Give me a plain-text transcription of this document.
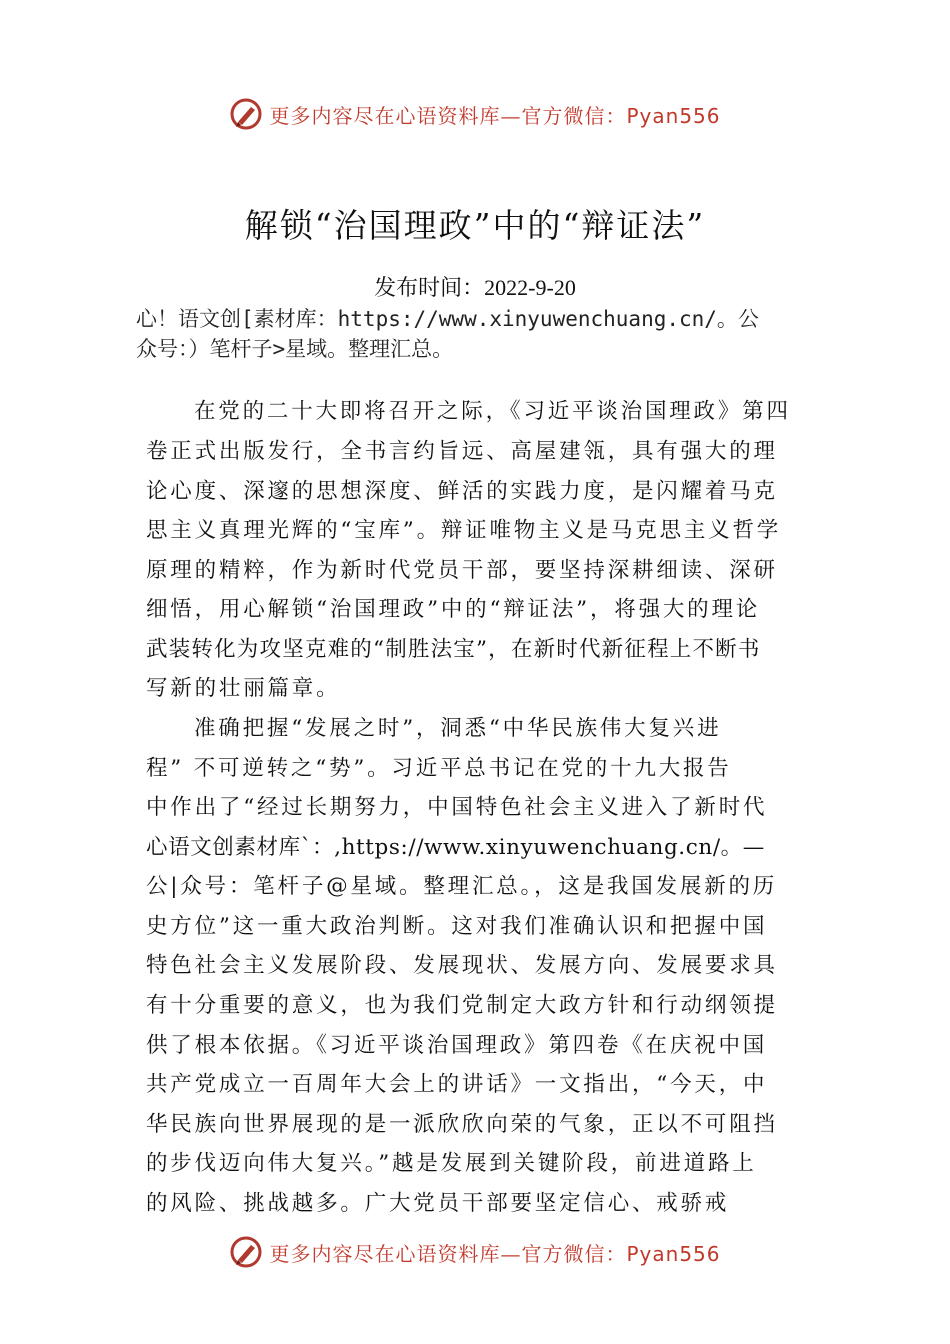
更多内容尽在心语资料库—官方微信：Pyan556
解锁“治国理政”中的“辩证法”
发布时间：2022-9-20
心！语文创[素材库：https://www.xinyuwenchuang.cn/。公
众号：）笔杆子>星域。整理汇总。
在党的二十大即将召开之际，《习近平谈治国理政》第四
卷正式出版发行，全书言约旨远、高屋建瓴，具有强大的理
论心度、深邃的思想深度、鲜活的实践力度，是闪耀着马克
思主义真理光辉的“宝库”。辩证唯物主义是马克思主义哲学
原理的精粹，作为新时代党员干部，要坚持深耕细读、深研
细悟，用心解锁“治国理政”中的“辩证法”，将强大的理论
武装转化为攻坚克难的“制胜法宝”，在新时代新征程上不断书
写新的壮丽篇章。
准确把握“发展之时”，洞悉“中华民族伟大复兴进
程” 不可逆转之“势”。习近平总书记在党的十九大报告
中作出了“经过长期努力，中国特色社会主义进入了新时代
心语文创素材库`：,https://www.xinyuwenchuang.cn/。—
公|众号：笔杆子@星域。整理汇总。，这是我国发展新的历
史方位”这一重大政治判断。这对我们准确认识和把握中国
特色社会主义发展阶段、发展现状、发展方向、发展要求具
有十分重要的意义，也为我们党制定大政方针和行动纲领提
供了根本依据。《习近平谈治国理政》第四卷《在庆祝中国
共产党成立一百周年大会上的讲话》一文指出，“今天，中
华民族向世界展现的是一派欣欣向荣的气象，正以不可阻挡
的步伐迈向伟大复兴。”越是发展到关键阶段，前进道路上
的风险、挑战越多。广大党员干部要坚定信心、戒骄戒
更多内容尽在心语资料库—官方微信：Pyan556
